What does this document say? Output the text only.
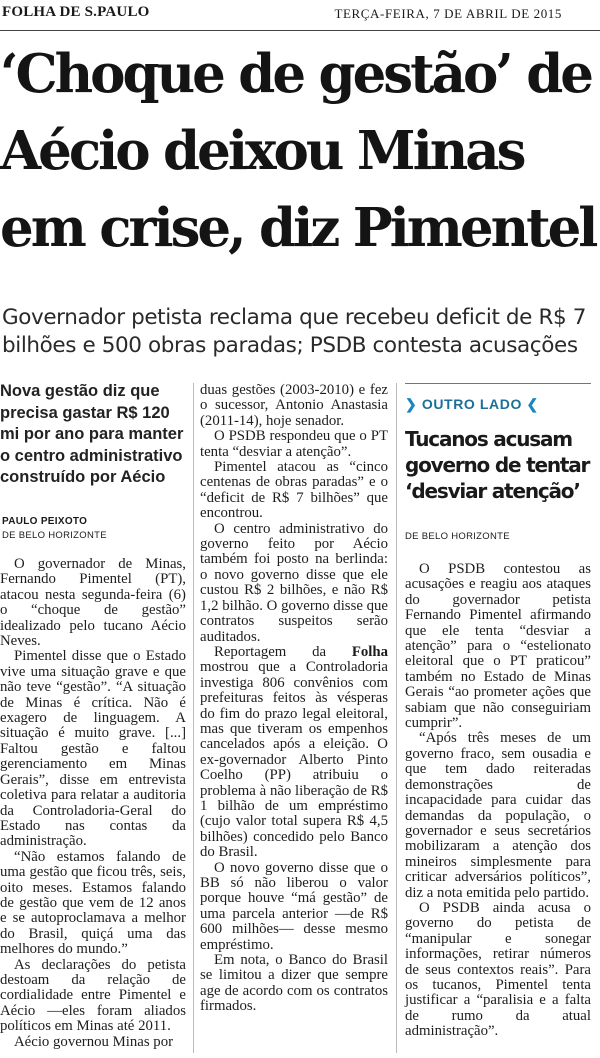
FOLHA DE S.PAULO	TERÇA-FEIRA, 7 DE ABRIL DE 2015
‘Choque de gestão’ de
Aécio deixou Minas
em crise, diz Pimentel
Governador petista reclama que recebeu deficit de R$ 7 bilhões e 500 obras paradas; PSDB contesta acusações
Nova gestão diz que precisa gastar R$ 120 mi por ano para manter o centro administrativo construído por Aécio
PAULO PEIXOTO
DE BELO HORIZONTE

O governador de Minas, Fernando Pimentel (PT), atacou nesta segunda-feira (6) o “choque de gestão” idealizado pelo tucano Aécio Neves.

Pimentel disse que o Estado vive uma situação grave e que não teve “gestão”. “A situação de Minas é crítica. Não é exagero de linguagem. A situação é muito grave. [...] Faltou gestão e faltou gerenciamento em Minas Gerais”, disse em entrevista coletiva para relatar a auditoria da Controladoria-Geral do Estado nas contas da administração.

“Não estamos falando de uma gestão que ficou três, seis, oito meses. Estamos falando de gestão que vem de 12 anos e se autoproclamava a melhor do Brasil, quiçá uma das melhores do mundo.”

As declarações do petista destoam da relação de cordialidade entre Pimentel e Aécio —eles foram aliados políticos em Minas até 2011.

Aécio governou Minas por

duas gestões (2003-2010) e fez o sucessor, Antonio Anastasia (2011-14), hoje senador.

O PSDB respondeu que o PT tenta “desviar a atenção”.

Pimentel atacou as “cinco centenas de obras paradas” e o “deficit de R$ 7 bilhões” que encontrou.

O centro administrativo do governo feito por Aécio também foi posto na berlinda: o novo governo disse que ele custou R$ 2 bilhões, e não R$ 1,2 bilhão. O governo disse que contratos suspeitos serão auditados.

Reportagem da Folha mostrou que a Controladoria investiga 806 convênios com prefeituras feitos às vésperas do fim do prazo legal eleitoral, mas que tiveram os empenhos cancelados após a eleição. O ex-governador Alberto Pinto Coelho (PP) atribuiu o problema à não liberação de R$ 1 bilhão de um empréstimo (cujo valor total supera R$ 4,5 bilhões) concedido pelo Banco do Brasil.

O novo governo disse que o BB só não liberou o valor porque houve “má gestão” de uma parcela anterior —de R$ 600 milhões— desse mesmo empréstimo.

Em nota, o Banco do Brasil se limitou a dizer que sempre age de acordo com os contratos firmados.

❯ OUTRO LADO ❮
Tucanos acusam governo de tentar ‘desviar atenção’
DE BELO HORIZONTE

O PSDB contestou as acusações e reagiu aos ataques do governador petista Fernando Pimentel afirmando que ele tenta “desviar a atenção” para o “estelionato eleitoral que o PT praticou” também no Estado de Minas Gerais “ao prometer ações que sabiam que não conseguiriam cumprir”.

“Após três meses de um governo fraco, sem ousadia e que tem dado reiteradas demonstrações de incapacidade para cuidar das demandas da população, o governador e seus secretários mobilizaram a atenção dos mineiros simplesmente para criticar adversários políticos”, diz a nota emitida pelo partido.

O PSDB ainda acusa o governo do petista de “manipular e sonegar informações, retirar números de seus contextos reais”. Para os tucanos, Pimentel tenta justificar a “paralisia e a falta de rumo da atual administração”.
